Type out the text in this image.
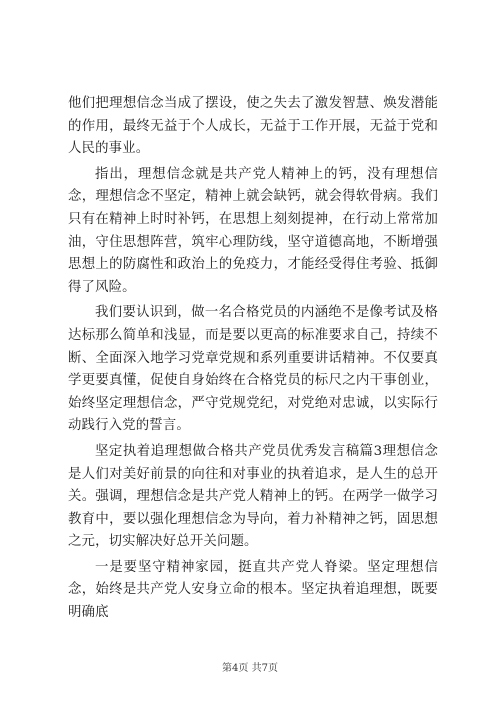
他们把理想信念当成了摆设，使之失去了激发智慧、焕发潜能的作用，最终无益于个人成长，无益于工作开展，无益于党和人民的事业。

指出，理想信念就是共产党人精神上的钙，没有理想信念，理想信念不坚定，精神上就会缺钙，就会得软骨病。我们只有在精神上时时补钙，在思想上刻刻提神，在行动上常常加油，守住思想阵营，筑牢心理防线，坚守道德高地，不断增强思想上的防腐性和政治上的免疫力，才能经受得住考验、抵御得了风险。

我们要认识到，做一名合格党员的内涵绝不是像考试及格达标那么简单和浅显，而是要以更高的标准要求自己，持续不断、全面深入地学习党章党规和系列重要讲话精神。不仅要真学更要真懂，促使自身始终在合格党员的标尺之内干事创业，始终坚定理想信念，严守党规党纪，对党绝对忠诚，以实际行动践行入党的誓言。

坚定执着追理想做合格共产党员优秀发言稿篇3理想信念是人们对美好前景的向往和对事业的执着追求，是人生的总开关。强调，理想信念是共产党人精神上的钙。在两学一做学习教育中，要以强化理想信念为导向，着力补精神之钙，固思想之元，切实解决好总开关问题。

一是要坚守精神家园，挺直共产党人脊梁。坚定理想信念，始终是共产党人安身立命的根本。坚定执着追理想，既要明确底

第4页 共7页
